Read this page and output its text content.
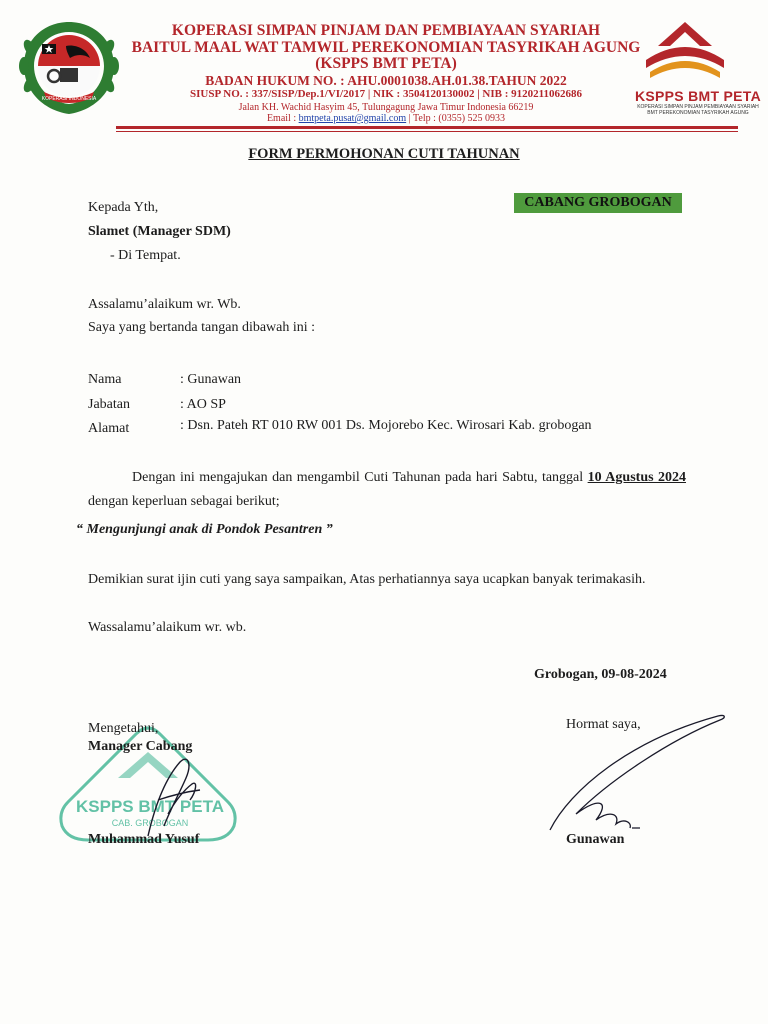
KOPERASI INDONESIA
KOPERASI SIMPAN PINJAM DAN PEMBIAYAAN SYARIAH
BAITUL MAAL WAT TAMWIL PEREKONOMIAN TASYRIKAH AGUNG
(KSPPS BMT PETA)
BADAN HUKUM NO. : AHU.0001038.AH.01.38.TAHUN 2022
SIUSP NO. : 337/SISP/Dep.1/VI/2017 | NIK : 3504120130002 | NIB : 9120211062686
Jalan KH. Wachid Hasyim 45, Tulungagung Jawa Timur Indonesia 66219
Email : bmtpeta.pusat@gmail.com | Telp : (0355) 525 0933
KSPPS BMT PETA
KOPERASI SIMPAN PINJAM PEMBIAYAAN SYARIAH BMT PEREKONOMIAN TASYRIKAH AGUNG
FORM PERMOHONAN CUTI TAHUNAN
CABANG GROBOGAN
Kepada Yth,
Slamet (Manager SDM)
- Di Tempat.
Assalamu’alaikum wr. Wb.
Saya yang bertanda tangan dibawah ini :
Nama	: Gunawan
Jabatan	: AO SP
Alamat	: Dsn. Pateh RT 010 RW 001 Ds. Mojorebo Kec. Wirosari Kab. grobogan
Dengan ini mengajukan dan mengambil Cuti Tahunan pada hari Sabtu, tanggal 10 Agustus 2024 dengan keperluan sebagai berikut;
“ Mengunjungi anak di Pondok Pesantren ”
Demikian surat ijin cuti yang saya sampaikan, Atas perhatiannya saya ucapkan banyak terimakasih.
Wassalamu’alaikum wr. wb.
Grobogan, 09-08-2024
KSPPS BMT PETA
CAB. GROBOGAN
Mengetahui,
Manager Cabang
Muhammad Yusuf
Hormat saya,
Gunawan
